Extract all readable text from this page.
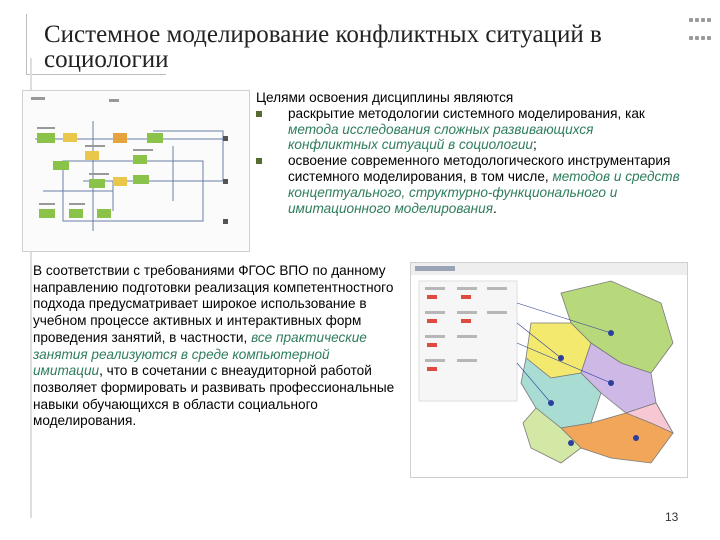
Системное моделирование конфликтных ситуаций в социологии

Целями освоения дисциплины являются
раскрытие методологии системного моделирования, как метода исследования сложных развивающихся конфликтных ситуаций в социологии;
освоение современного методологического инструментария системного моделирования, в том числе, методов и средств концептуального, структурно-функционального и имитационного моделирования.
В соответствии с требованиями ФГОС ВПО по данному направлению подготовки реализация компетентностного подхода предусматривает широкое использование в учебном процессе активных и интерактивных форм проведения занятий, в частности, все практические занятия реализуются в среде компьютерной имитации, что в сочетании с внеаудиторной работой позволяет формировать и развивать профессиональные навыки обучающихся в области социального моделирования.
13
